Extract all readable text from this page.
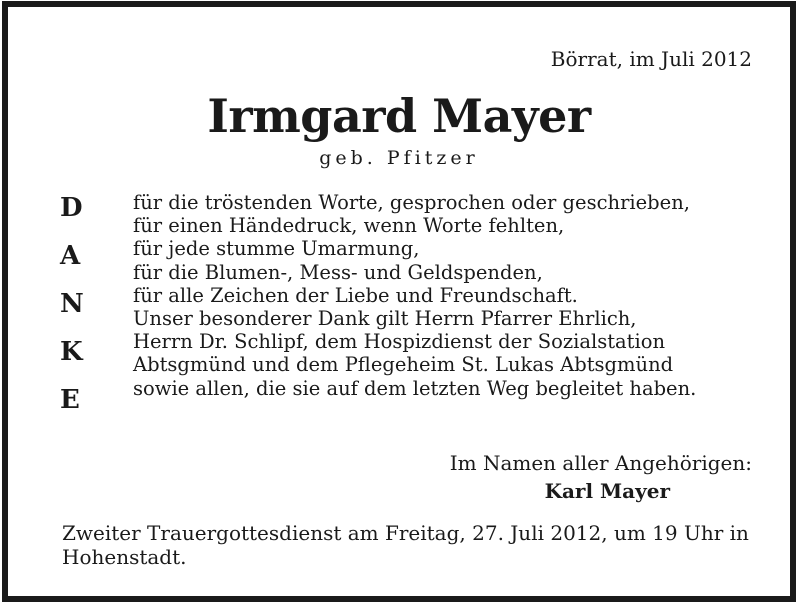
Börrat, im Juli 2012
Irmgard Mayer
geb. Pfitzer
D
A
N
K
E
für die tröstenden Worte, gesprochen oder geschrieben,
für einen Händedruck, wenn Worte fehlten,
für jede stumme Umarmung,
für die Blumen-, Mess- und Geldspenden,
für alle Zeichen der Liebe und Freundschaft.
Unser besonderer Dank gilt Herrn Pfarrer Ehrlich,
Herrn Dr. Schlipf, dem Hospizdienst der Sozialstation
Abtsgmünd und dem Pflegeheim St. Lukas Abtsgmünd
sowie allen, die sie auf dem letzten Weg begleitet haben.
Im Namen aller Angehörigen:
Karl Mayer
Zweiter Trauergottesdienst am Freitag, 27. Juli 2012, um 19 Uhr in
Hohenstadt.
